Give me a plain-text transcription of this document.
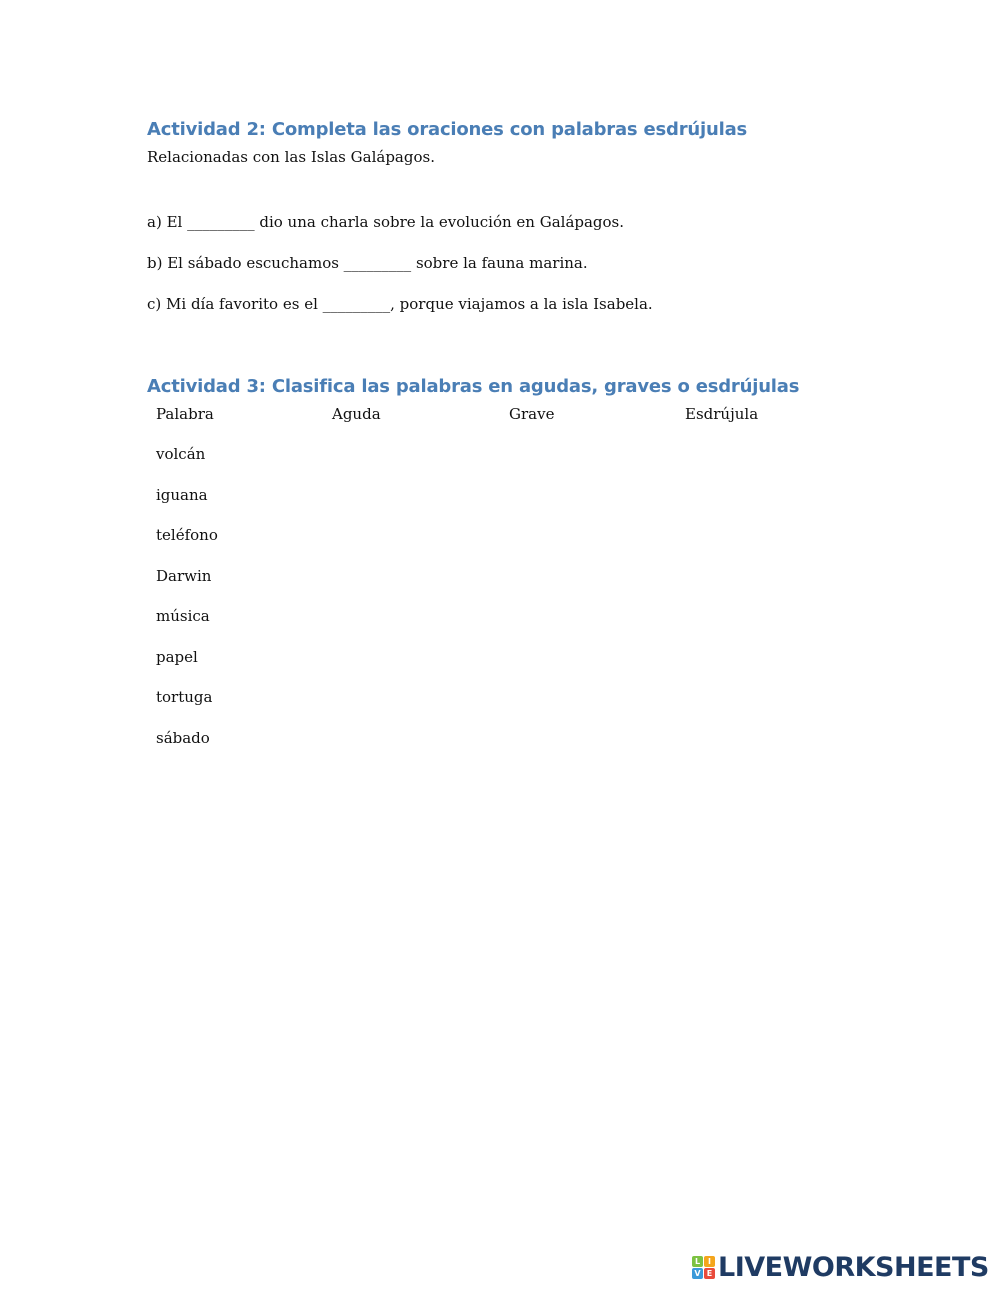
Actividad 2: Completa las oraciones con palabras esdrújulas
Relacionadas con las Islas Galápagos.
a) El _________ dio una charla sobre la evolución en Galápagos.
b) El sábado escuchamos _________ sobre la fauna marina.
c) Mi día favorito es el _________, porque viajamos a la isla Isabela.
Actividad 3: Clasifica las palabras en agudas, graves o esdrújulas
Palabra	Aguda	Grave	Esdrújula
volcán
iguana
teléfono
Darwin
música
papel
tortuga
sábado
L I
V E LIVEWORKSHEETS
